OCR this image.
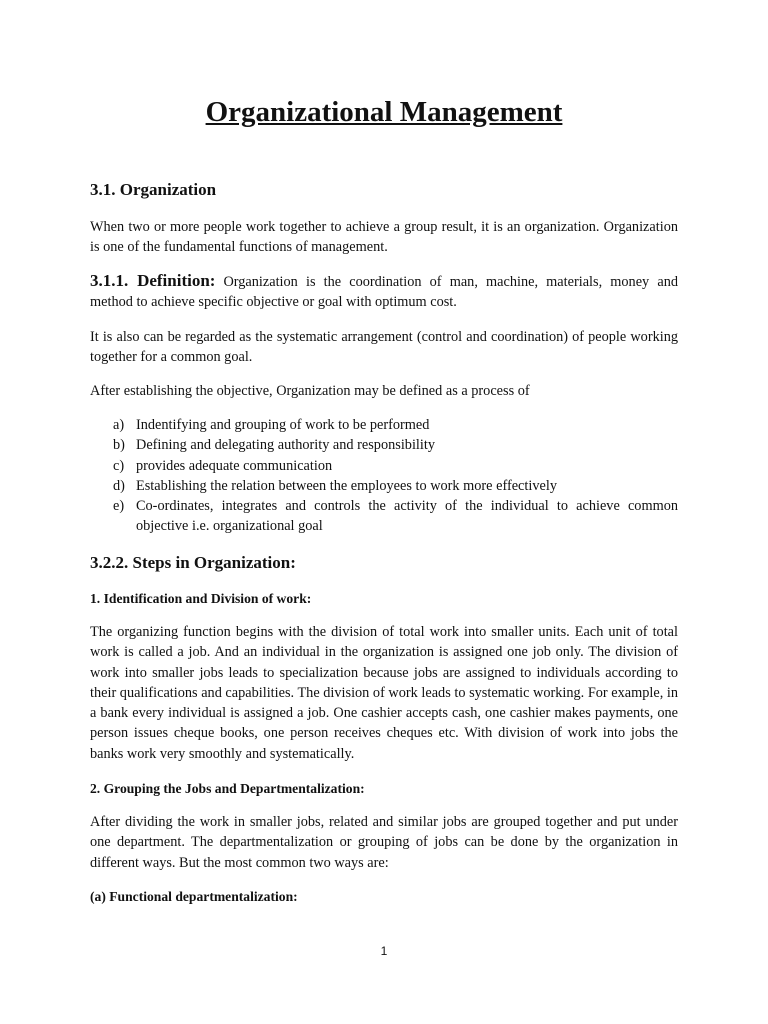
Organizational Management
3.1. Organization

When two or more people work together to achieve a group result, it is an organization. Organization is one of the fundamental functions of management.

3.1.1. Definition: Organization is the coordination of man, machine, materials, money and method to achieve specific objective or goal with optimum cost.

It is also can be regarded as the systematic arrangement (control and coordination) of people working together for a common goal.

After establishing the objective, Organization may be defined as a process of

a) Indentifying and grouping of work to be performed
b) Defining and delegating authority and responsibility
c) provides adequate communication
d) Establishing the relation between the employees to work more effectively
e) Co-ordinates, integrates and controls the activity of the individual to achieve common objective i.e. organizational goal
3.2.2. Steps in Organization:
1. Identification and Division of work:

The organizing function begins with the division of total work into smaller units. Each unit of total work is called a job. And an individual in the organization is assigned one job only. The division of work into smaller jobs leads to specialization because jobs are assigned to individuals according to their qualifications and capabilities. The division of work leads to systematic working. For example, in a bank every individual is assigned a job. One cashier accepts cash, one cashier makes payments, one person issues cheque books, one person receives cheques etc. With division of work into jobs the banks work very smoothly and systematically.

2. Grouping the Jobs and Departmentalization:

After dividing the work in smaller jobs, related and similar jobs are grouped together and put under one department. The departmentalization or grouping of jobs can be done by the organization in different ways. But the most common two ways are:

(a) Functional departmentalization:
1
